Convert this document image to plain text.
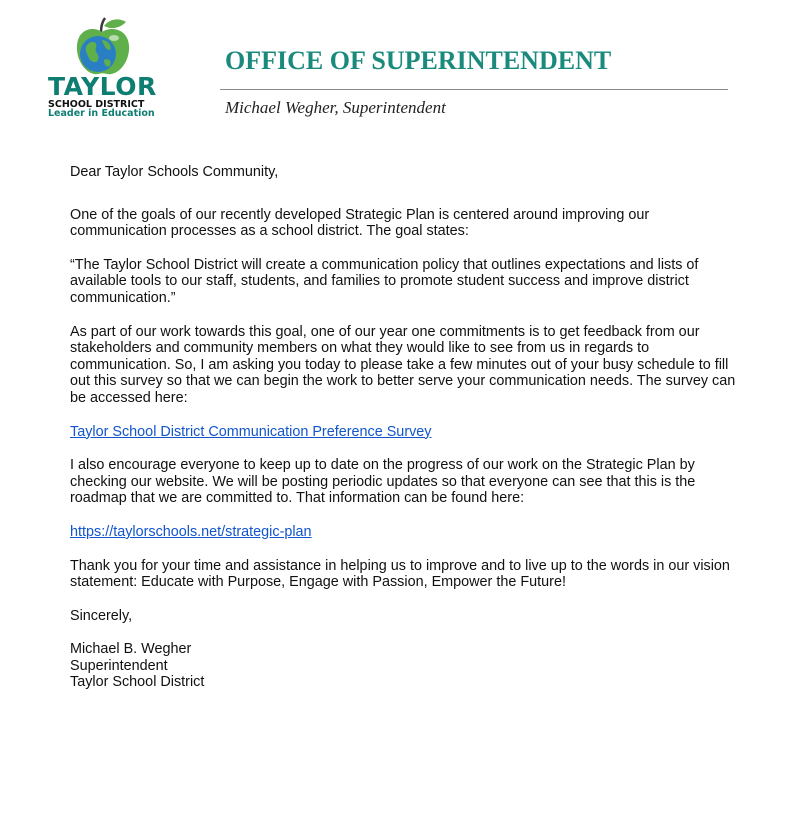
TAYLOR
SCHOOL DISTRICT
Leader in Education
OFFICE OF SUPERINTENDENT
Michael Wegher, Superintendent

Dear Taylor Schools Community,

One of the goals of our recently developed Strategic Plan is centered around improving our communication processes as a school district. The goal states:

“The Taylor School District will create a communication policy that outlines expectations and lists of available tools to our staff, students, and families to promote student success and improve district communication.”

As part of our work towards this goal, one of our year one commitments is to get feedback from our stakeholders and community members on what they would like to see from us in regards to communication. So, I am asking you today to please take a few minutes out of your busy schedule to fill out this survey so that we can begin the work to better serve your communication needs. The survey can be accessed here:

Taylor School District Communication Preference Survey

I also encourage everyone to keep up to date on the progress of our work on the Strategic Plan by checking our website. We will be posting periodic updates so that everyone can see that this is the roadmap that we are committed to. That information can be found here:

https://taylorschools.net/strategic-plan

Thank you for your time and assistance in helping us to improve and to live up to the words in our vision statement: Educate with Purpose, Engage with Passion, Empower the Future!

Sincerely,

Michael B. Wegher

Superintendent

Taylor School District
